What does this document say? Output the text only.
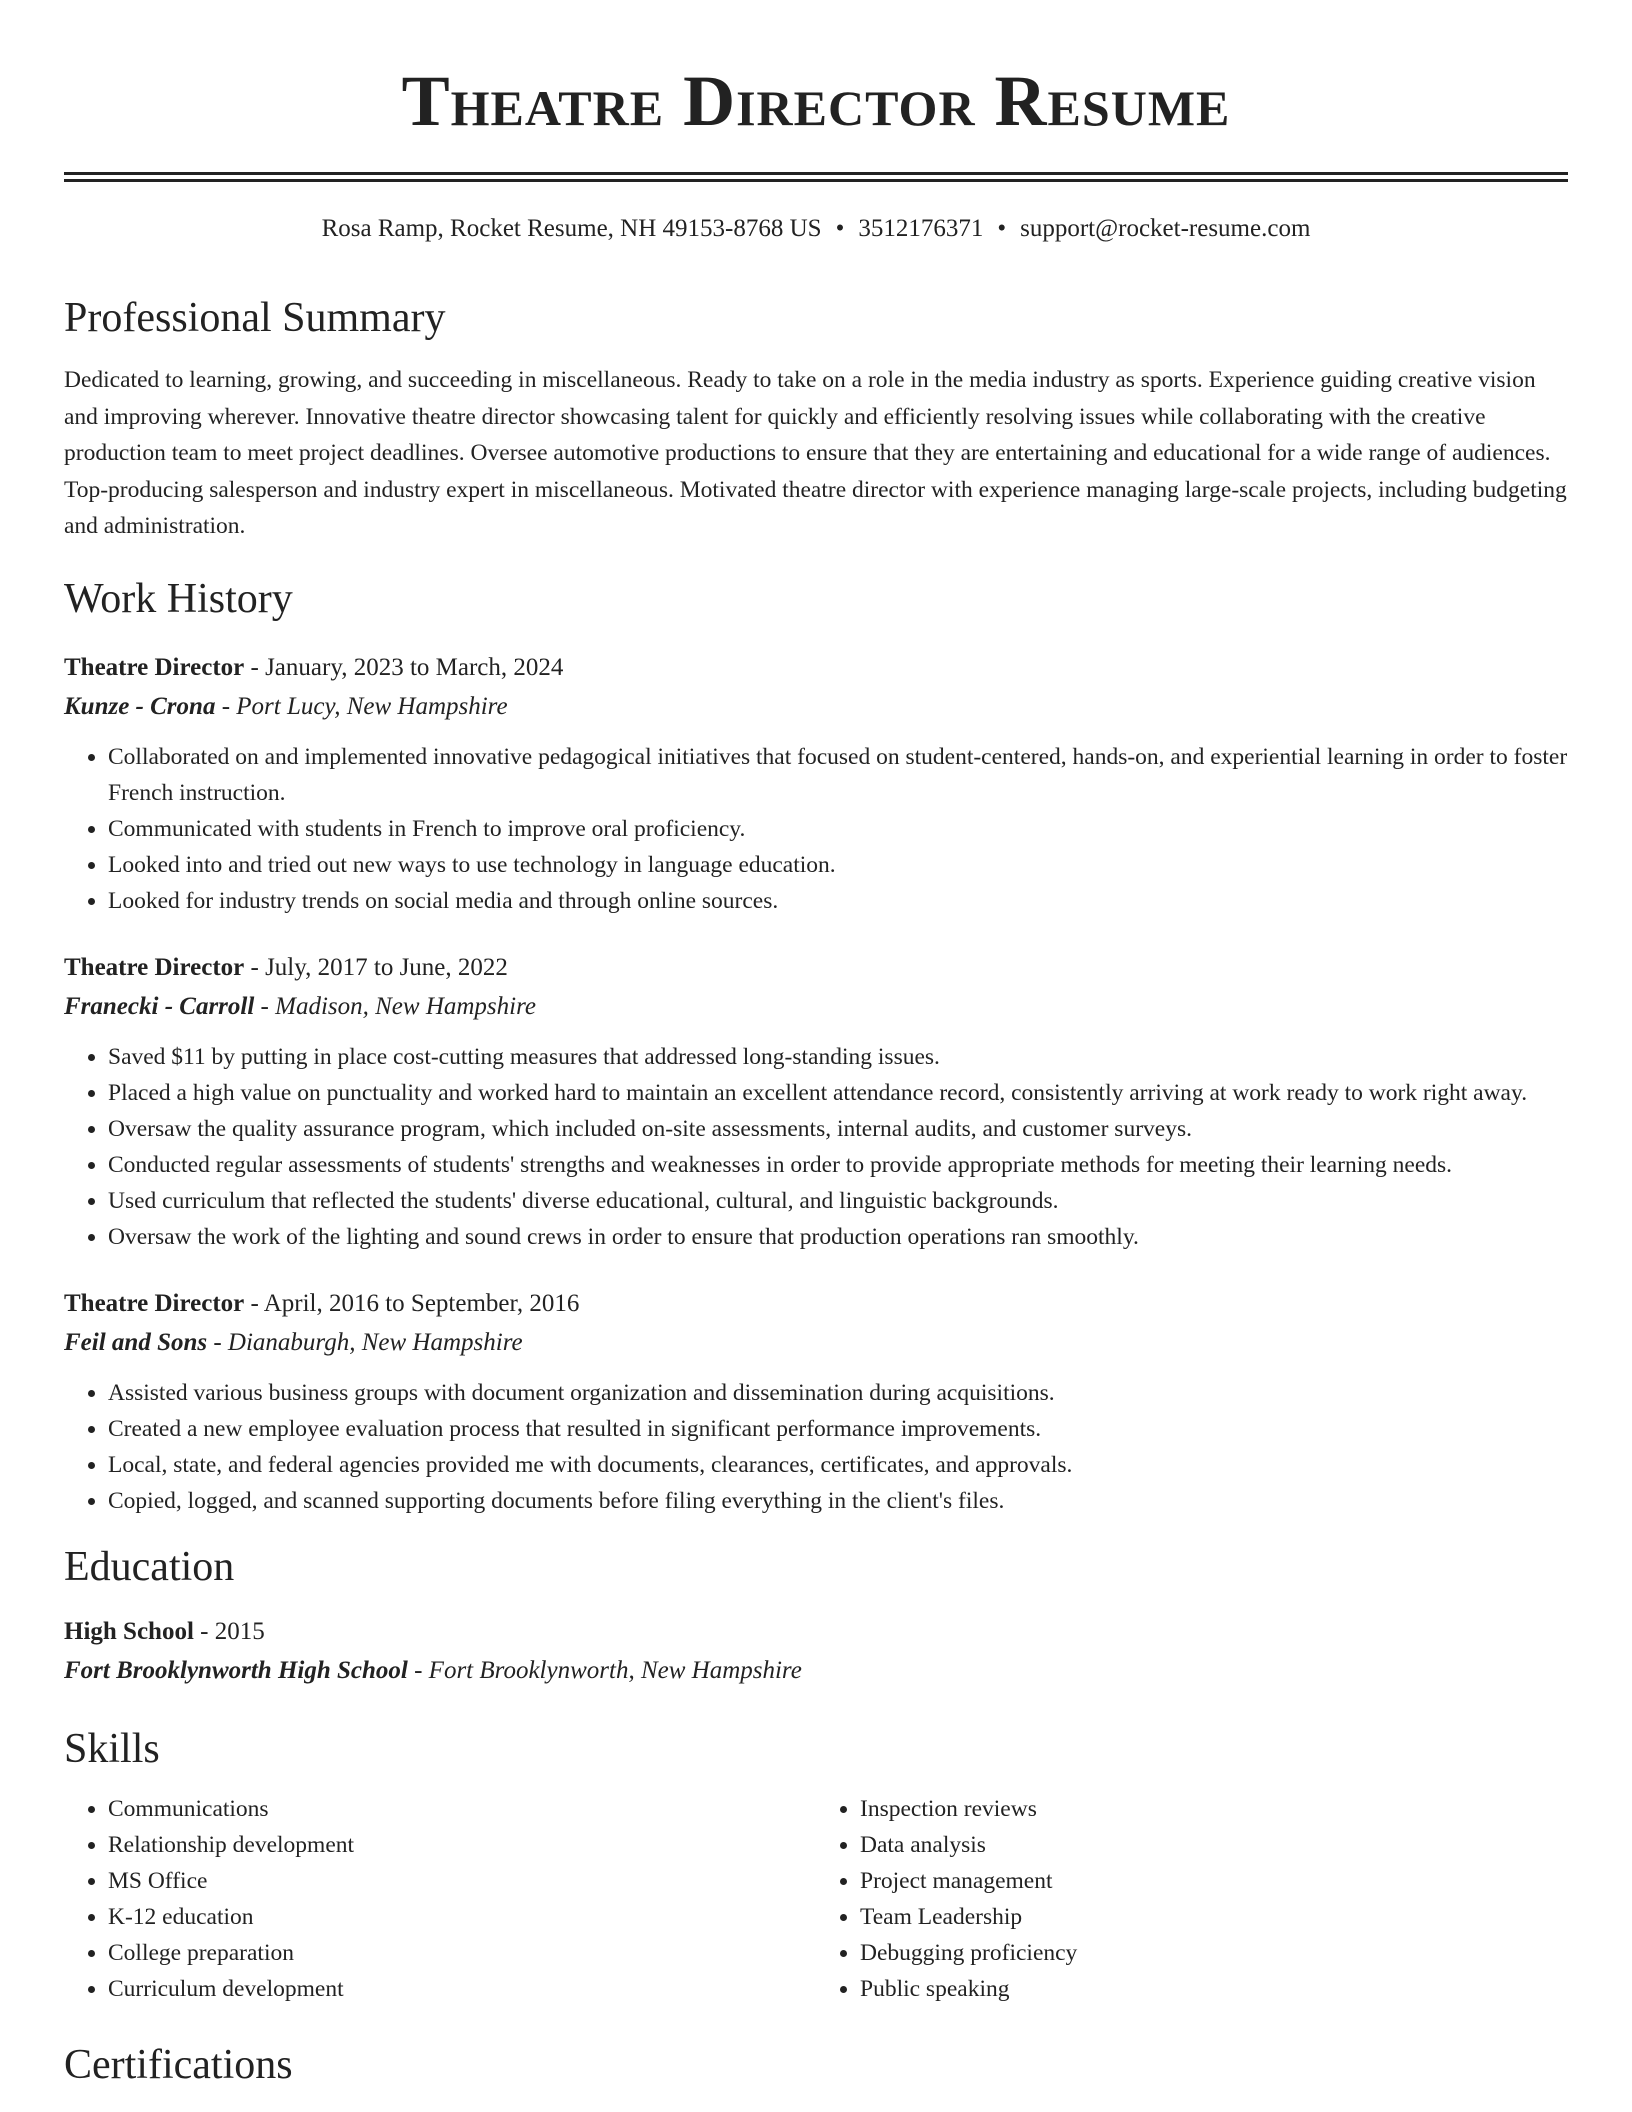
Theatre Director Resume
Rosa Ramp, Rocket Resume, NH 49153-8768 US • 3512176371 • support@rocket-resume.com
Professional Summary
Dedicated to learning, growing, and succeeding in miscellaneous. Ready to take on a role in the media industry as sports. Experience guiding creative vision and improving wherever. Innovative theatre director showcasing talent for quickly and efficiently resolving issues while collaborating with the creative production team to meet project deadlines. Oversee automotive productions to ensure that they are entertaining and educational for a wide range of audiences. Top-producing salesperson and industry expert in miscellaneous. Motivated theatre director with experience managing large-scale projects, including budgeting and administration.
Work History
Theatre Director - January, 2023 to March, 2024
Kunze - Crona - Port Lucy, New Hampshire
• Collaborated on and implemented innovative pedagogical initiatives that focused on student-centered, hands-on, and experiential learning in order to foster French instruction.
• Communicated with students in French to improve oral proficiency.
• Looked into and tried out new ways to use technology in language education.
• Looked for industry trends on social media and through online sources.
Theatre Director - July, 2017 to June, 2022
Franecki - Carroll - Madison, New Hampshire
• Saved $11 by putting in place cost-cutting measures that addressed long-standing issues.
• Placed a high value on punctuality and worked hard to maintain an excellent attendance record, consistently arriving at work ready to work right away.
• Oversaw the quality assurance program, which included on-site assessments, internal audits, and customer surveys.
• Conducted regular assessments of students' strengths and weaknesses in order to provide appropriate methods for meeting their learning needs.
• Used curriculum that reflected the students' diverse educational, cultural, and linguistic backgrounds.
• Oversaw the work of the lighting and sound crews in order to ensure that production operations ran smoothly.
Theatre Director - April, 2016 to September, 2016
Feil and Sons - Dianaburgh, New Hampshire
• Assisted various business groups with document organization and dissemination during acquisitions.
• Created a new employee evaluation process that resulted in significant performance improvements.
• Local, state, and federal agencies provided me with documents, clearances, certificates, and approvals.
• Copied, logged, and scanned supporting documents before filing everything in the client's files.
Education
High School - 2015
Fort Brooklynworth High School - Fort Brooklynworth, New Hampshire
Skills
• Communications
• Relationship development
• MS Office
• K-12 education
• College preparation
• Curriculum development
• Inspection reviews
• Data analysis
• Project management
• Team Leadership
• Debugging proficiency
• Public speaking
Certifications
